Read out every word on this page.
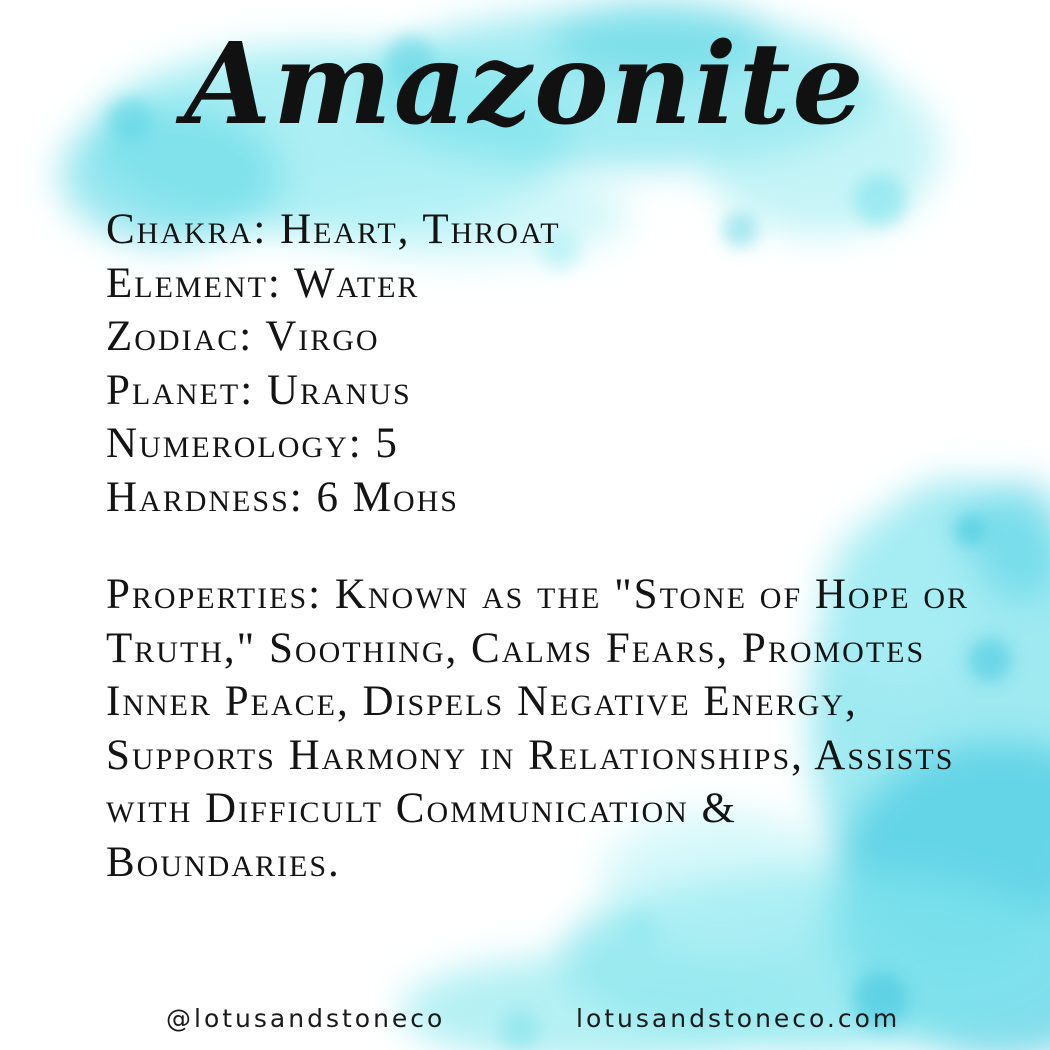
Amazonite
Chakra: Heart, Throat
Element: Water
Zodiac: Virgo
Planet: Uranus
Numerology: 5
Hardness: 6 Mohs
Properties: Known as the "Stone of Hope or Truth," Soothing, Calms Fears, Promotes Inner Peace, Dispels Negative Energy, Supports Harmony in Relationships, Assists with Difficult Communication & Boundaries.
@lotusandstoneco	lotusandstoneco.com
